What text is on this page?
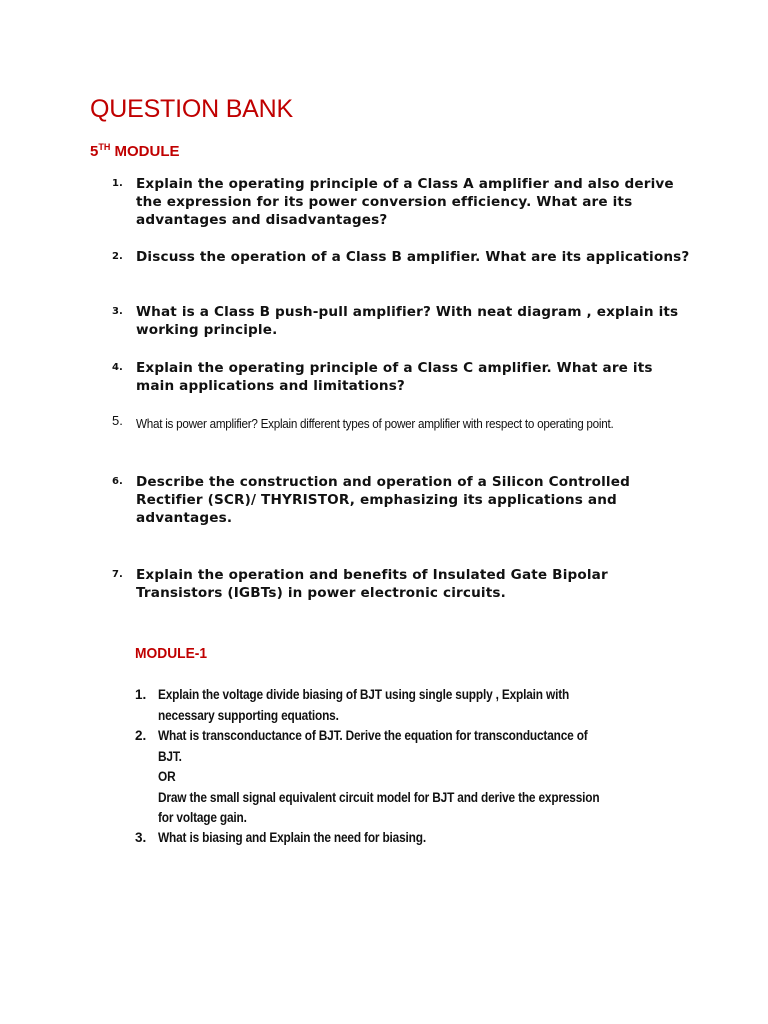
QUESTION BANK
5TH MODULE
1. Explain the operating principle of a Class A amplifier and also derive the expression for its power conversion efficiency. What are its advantages and disadvantages?
2. Discuss the operation of a Class B amplifier. What are its applications?
3. What is a Class B push-pull amplifier? With neat diagram , explain its working principle.
4. Explain the operating principle of a Class C amplifier. What are its main applications and limitations?
5.	What is power amplifier? Explain different types of power amplifier with respect to operating point.
6. Describe the construction and operation of a Silicon Controlled Rectifier (SCR)/ THYRISTOR, emphasizing its applications and advantages.
7. Explain the operation and benefits of Insulated Gate Bipolar Transistors (IGBTs) in power electronic circuits.
MODULE-1
1. Explain the voltage divide biasing of BJT using single supply , Explain with
necessary supporting equations.
2. What is transconductance of BJT. Derive the equation for transconductance of
BJT.
OR
Draw the small signal equivalent circuit model for BJT and derive the expression
for voltage gain.
3. What is biasing and Explain the need for biasing.
